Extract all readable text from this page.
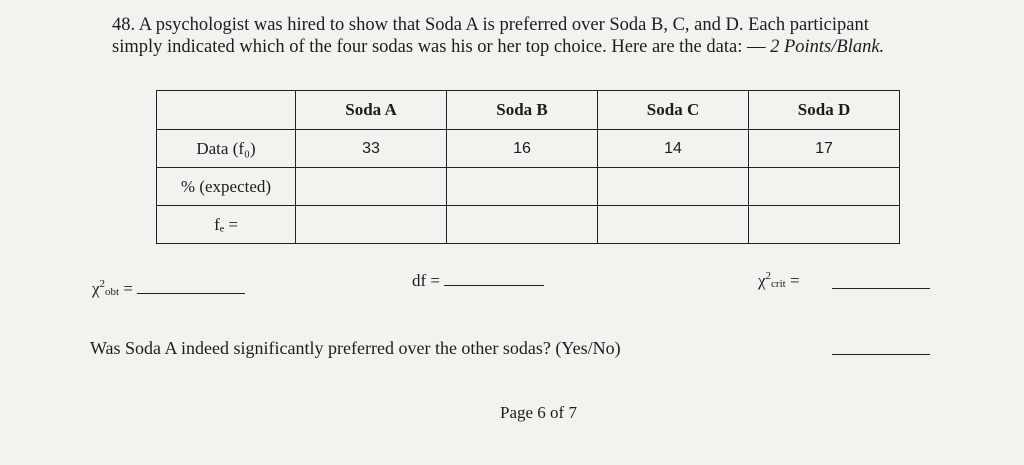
48. A psychologist was hired to show that Soda A is preferred over Soda B, C, and D. Each participant
simply indicated which of the four sodas was his or her top choice. Here are the data: — 2 Points/Blank.
	Soda A	Soda B	Soda C	Soda D
Data (f₀)	33	16	14	17
% (expected)				
fₑ =				
$\chi^2obt$ =	df =	$\chi^2crit$ =
Was Soda A indeed significantly preferred over the other sodas? (Yes/No)
Page 6 of 7
